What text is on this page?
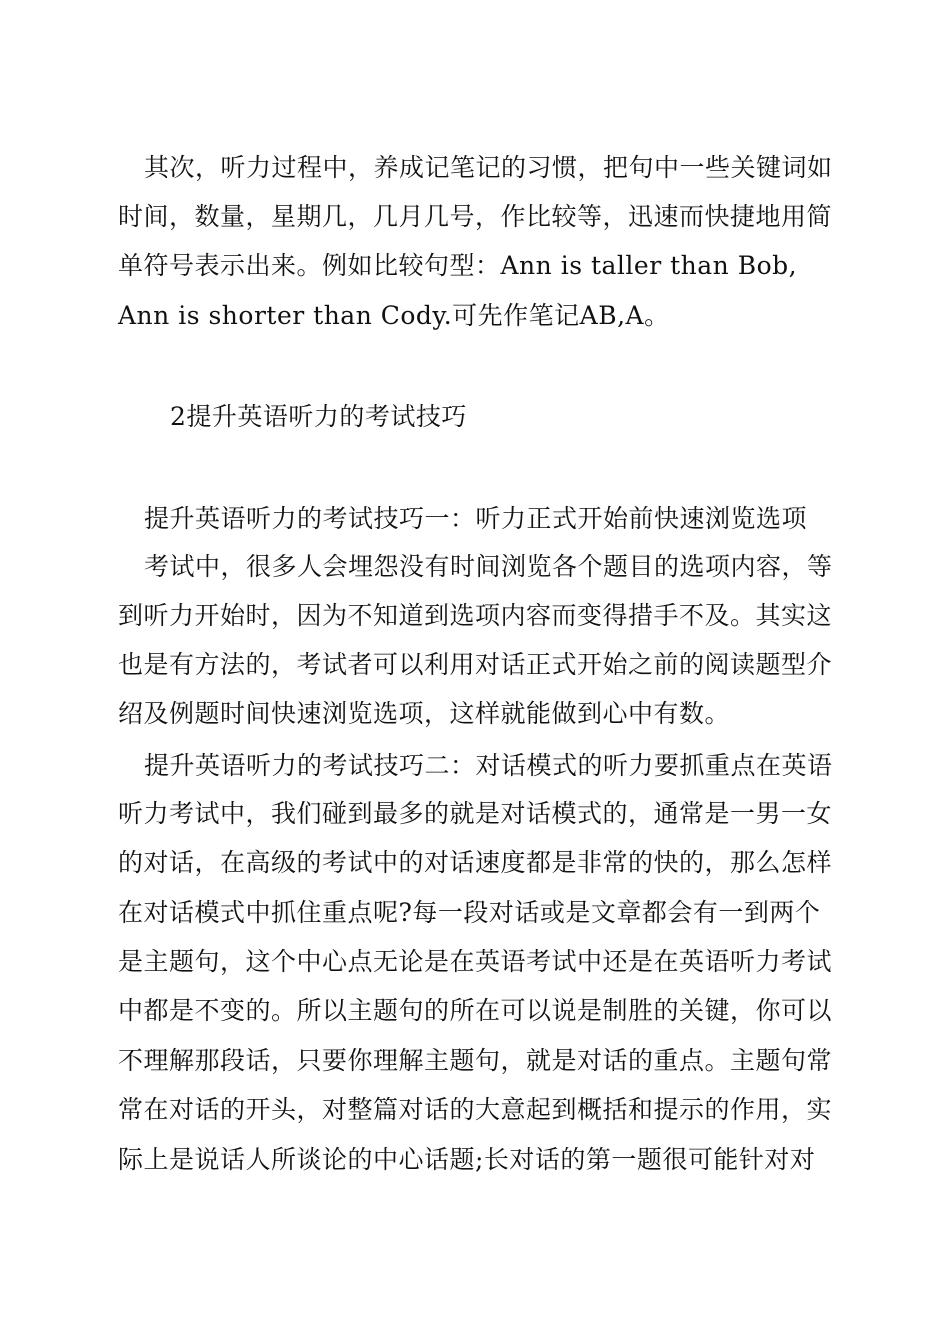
其次，听力过程中，养成记笔记的习惯，把句中一些关键词如
时间，数量，星期几，几月几号，作比较等，迅速而快捷地用简
单符号表示出来。例如比较句型：Ann is taller than Bob,
Ann is shorter than Cody.可先作笔记AB,A。
2提升英语听力的考试技巧
提升英语听力的考试技巧一：听力正式开始前快速浏览选项
考试中，很多人会埋怨没有时间浏览各个题目的选项内容，等
到听力开始时，因为不知道到选项内容而变得措手不及。其实这
也是有方法的，考试者可以利用对话正式开始之前的阅读题型介
绍及例题时间快速浏览选项，这样就能做到心中有数。
提升英语听力的考试技巧二：对话模式的听力要抓重点在英语
听力考试中，我们碰到最多的就是对话模式的，通常是一男一女
的对话，在高级的考试中的对话速度都是非常的快的，那么怎样
在对话模式中抓住重点呢?每一段对话或是文章都会有一到两个
是主题句，这个中心点无论是在英语考试中还是在英语听力考试
中都是不变的。所以主题句的所在可以说是制胜的关键，你可以
不理解那段话，只要你理解主题句，就是对话的重点。主题句常
常在对话的开头，对整篇对话的大意起到概括和提示的作用，实
际上是说话人所谈论的中心话题;长对话的第一题很可能针对对
